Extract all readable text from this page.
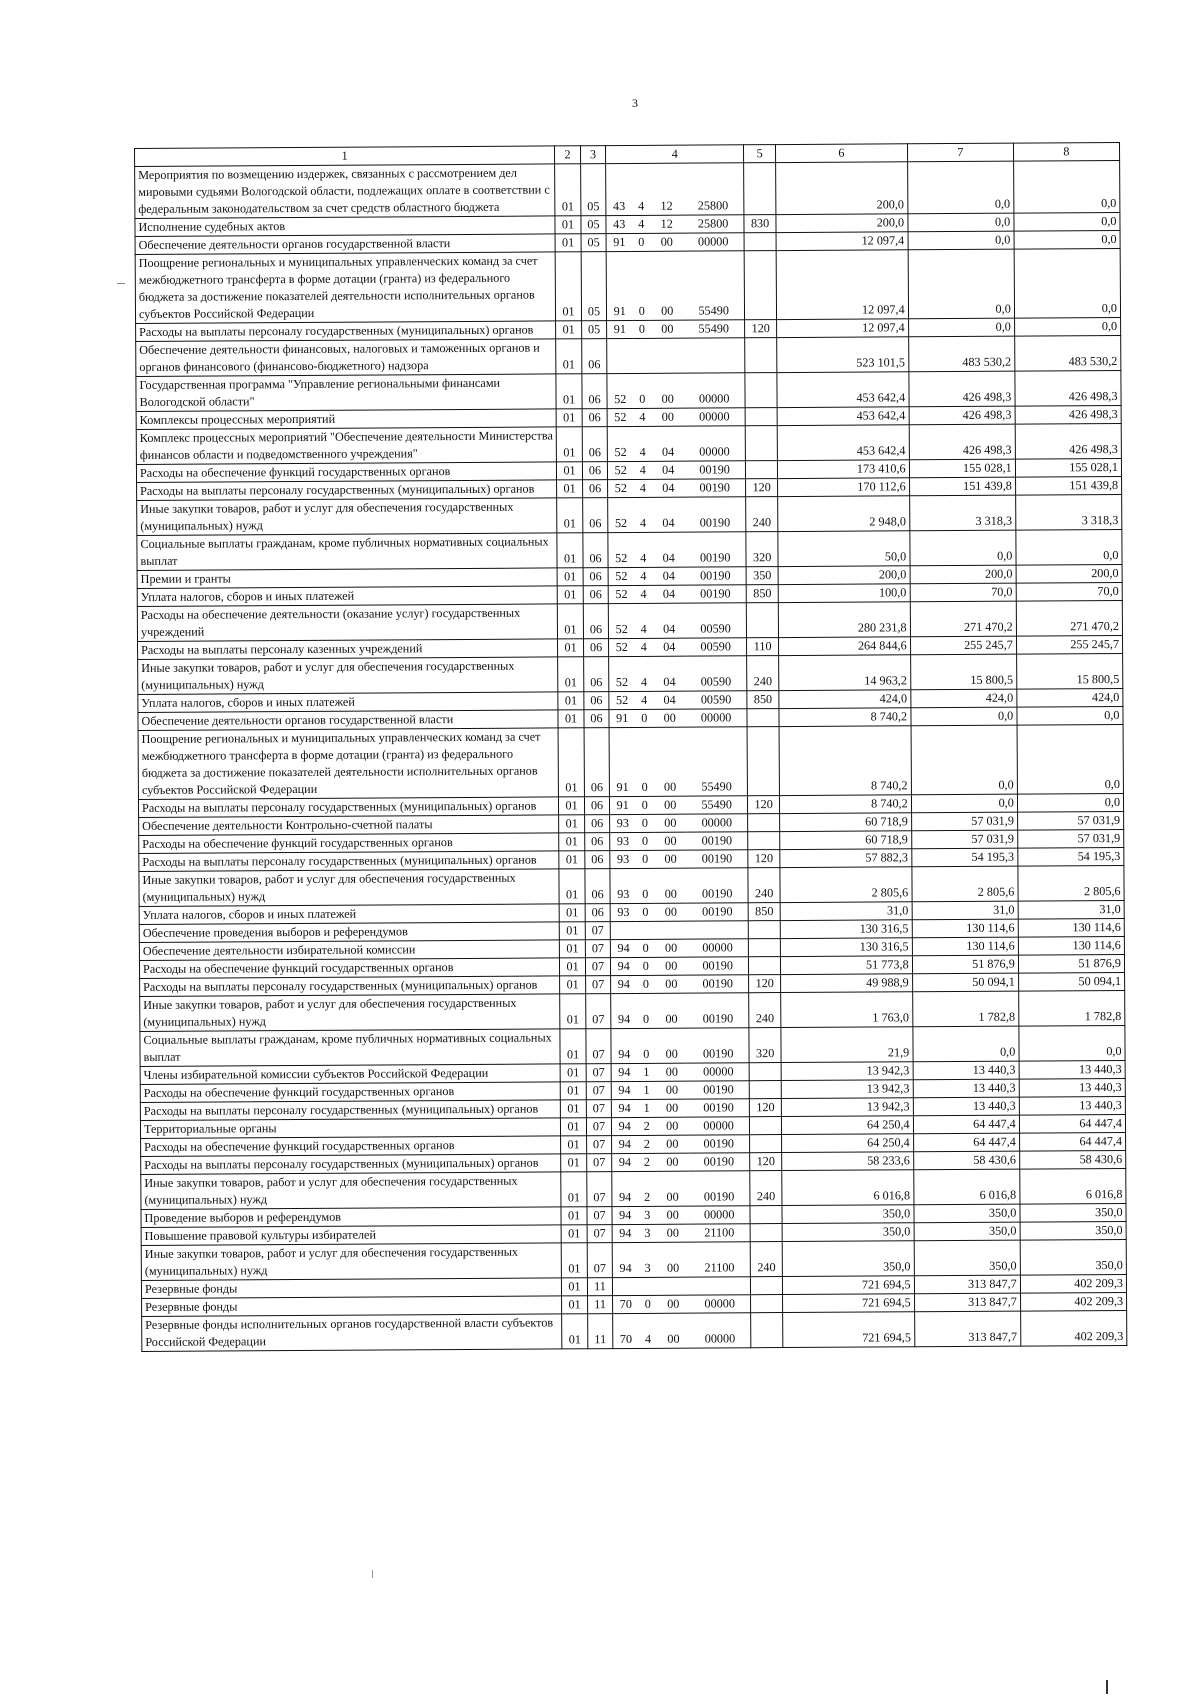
3
1	2	3	4				5	6	7	8
Мероприятия по возмещению издержек, связанных с рассмотрением дел мировыми судьями Вологодской области, подлежащих оплате в соответствии с федеральным законодательством за счет средств областного бюджета	01	05	43	4	12	25800		200,0	0,0	0,0
Исполнение судебных актов	01	05	43	4	12	25800	830	200,0	0,0	0,0
Обеспечение деятельности органов государственной власти	01	05	91	0	00	00000		12 097,4	0,0	0,0
Поощрение региональных и муниципальных управленческих команд за счет межбюджетного трансферта в форме дотации (гранта) из федерального бюджета за достижение показателей деятельности исполнительных органов субъектов Российской Федерации	01	05	91	0	00	55490		12 097,4	0,0	0,0
Расходы на выплаты персоналу государственных (муниципальных) органов	01	05	91	0	00	55490	120	12 097,4	0,0	0,0
Обеспечение деятельности финансовых, налоговых и таможенных органов и органов финансового (финансово-бюджетного) надзора	01	06						523 101,5	483 530,2	483 530,2
Государственная программа "Управление региональными финансами Вологодской области"	01	06	52	0	00	00000		453 642,4	426 498,3	426 498,3
Комплексы процессных мероприятий	01	06	52	4	00	00000		453 642,4	426 498,3	426 498,3
Комплекс процессных мероприятий "Обеспечение деятельности Министерства финансов области и подведомственного учреждения"	01	06	52	4	04	00000		453 642,4	426 498,3	426 498,3
Расходы на обеспечение функций государственных органов	01	06	52	4	04	00190		173 410,6	155 028,1	155 028,1
Расходы на выплаты персоналу государственных (муниципальных) органов	01	06	52	4	04	00190	120	170 112,6	151 439,8	151 439,8
Иные закупки товаров, работ и услуг для обеспечения государственных (муниципальных) нужд	01	06	52	4	04	00190	240	2 948,0	3 318,3	3 318,3
Социальные выплаты гражданам, кроме публичных нормативных социальных выплат	01	06	52	4	04	00190	320	50,0	0,0	0,0
Премии и гранты	01	06	52	4	04	00190	350	200,0	200,0	200,0
Уплата налогов, сборов и иных платежей	01	06	52	4	04	00190	850	100,0	70,0	70,0
Расходы на обеспечение деятельности (оказание услуг) государственных учреждений	01	06	52	4	04	00590		280 231,8	271 470,2	271 470,2
Расходы на выплаты персоналу казенных учреждений	01	06	52	4	04	00590	110	264 844,6	255 245,7	255 245,7
Иные закупки товаров, работ и услуг для обеспечения государственных (муниципальных) нужд	01	06	52	4	04	00590	240	14 963,2	15 800,5	15 800,5
Уплата налогов, сборов и иных платежей	01	06	52	4	04	00590	850	424,0	424,0	424,0
Обеспечение деятельности органов государственной власти	01	06	91	0	00	00000		8 740,2	0,0	0,0
Поощрение региональных и муниципальных управленческих команд за счет межбюджетного трансферта в форме дотации (гранта) из федерального бюджета за достижение показателей деятельности исполнительных органов субъектов Российской Федерации	01	06	91	0	00	55490		8 740,2	0,0	0,0
Расходы на выплаты персоналу государственных (муниципальных) органов	01	06	91	0	00	55490	120	8 740,2	0,0	0,0
Обеспечение деятельности Контрольно-счетной палаты	01	06	93	0	00	00000		60 718,9	57 031,9	57 031,9
Расходы на обеспечение функций государственных органов	01	06	93	0	00	00190		60 718,9	57 031,9	57 031,9
Расходы на выплаты персоналу государственных (муниципальных) органов	01	06	93	0	00	00190	120	57 882,3	54 195,3	54 195,3
Иные закупки товаров, работ и услуг для обеспечения государственных (муниципальных) нужд	01	06	93	0	00	00190	240	2 805,6	2 805,6	2 805,6
Уплата налогов, сборов и иных платежей	01	06	93	0	00	00190	850	31,0	31,0	31,0
Обеспечение проведения выборов и референдумов	01	07						130 316,5	130 114,6	130 114,6
Обеспечение деятельности избирательной комиссии	01	07	94	0	00	00000		130 316,5	130 114,6	130 114,6
Расходы на обеспечение функций государственных органов	01	07	94	0	00	00190		51 773,8	51 876,9	51 876,9
Расходы на выплаты персоналу государственных (муниципальных) органов	01	07	94	0	00	00190	120	49 988,9	50 094,1	50 094,1
Иные закупки товаров, работ и услуг для обеспечения государственных (муниципальных) нужд	01	07	94	0	00	00190	240	1 763,0	1 782,8	1 782,8
Социальные выплаты гражданам, кроме публичных нормативных социальных выплат	01	07	94	0	00	00190	320	21,9	0,0	0,0
Члены избирательной комиссии субъектов Российской Федерации	01	07	94	1	00	00000		13 942,3	13 440,3	13 440,3
Расходы на обеспечение функций государственных органов	01	07	94	1	00	00190		13 942,3	13 440,3	13 440,3
Расходы на выплаты персоналу государственных (муниципальных) органов	01	07	94	1	00	00190	120	13 942,3	13 440,3	13 440,3
Территориальные органы	01	07	94	2	00	00000		64 250,4	64 447,4	64 447,4
Расходы на обеспечение функций государственных органов	01	07	94	2	00	00190		64 250,4	64 447,4	64 447,4
Расходы на выплаты персоналу государственных (муниципальных) органов	01	07	94	2	00	00190	120	58 233,6	58 430,6	58 430,6
Иные закупки товаров, работ и услуг для обеспечения государственных (муниципальных) нужд	01	07	94	2	00	00190	240	6 016,8	6 016,8	6 016,8
Проведение выборов и референдумов	01	07	94	3	00	00000		350,0	350,0	350,0
Повышение правовой культуры избирателей	01	07	94	3	00	21100		350,0	350,0	350,0
Иные закупки товаров, работ и услуг для обеспечения государственных (муниципальных) нужд	01	07	94	3	00	21100	240	350,0	350,0	350,0
Резервные фонды	01	11						721 694,5	313 847,7	402 209,3
Резервные фонды	01	11	70	0	00	00000		721 694,5	313 847,7	402 209,3
Резервные фонды исполнительных органов государственной власти субъектов Российской Федерации	01	11	70	4	00	00000		721 694,5	313 847,7	402 209,3
